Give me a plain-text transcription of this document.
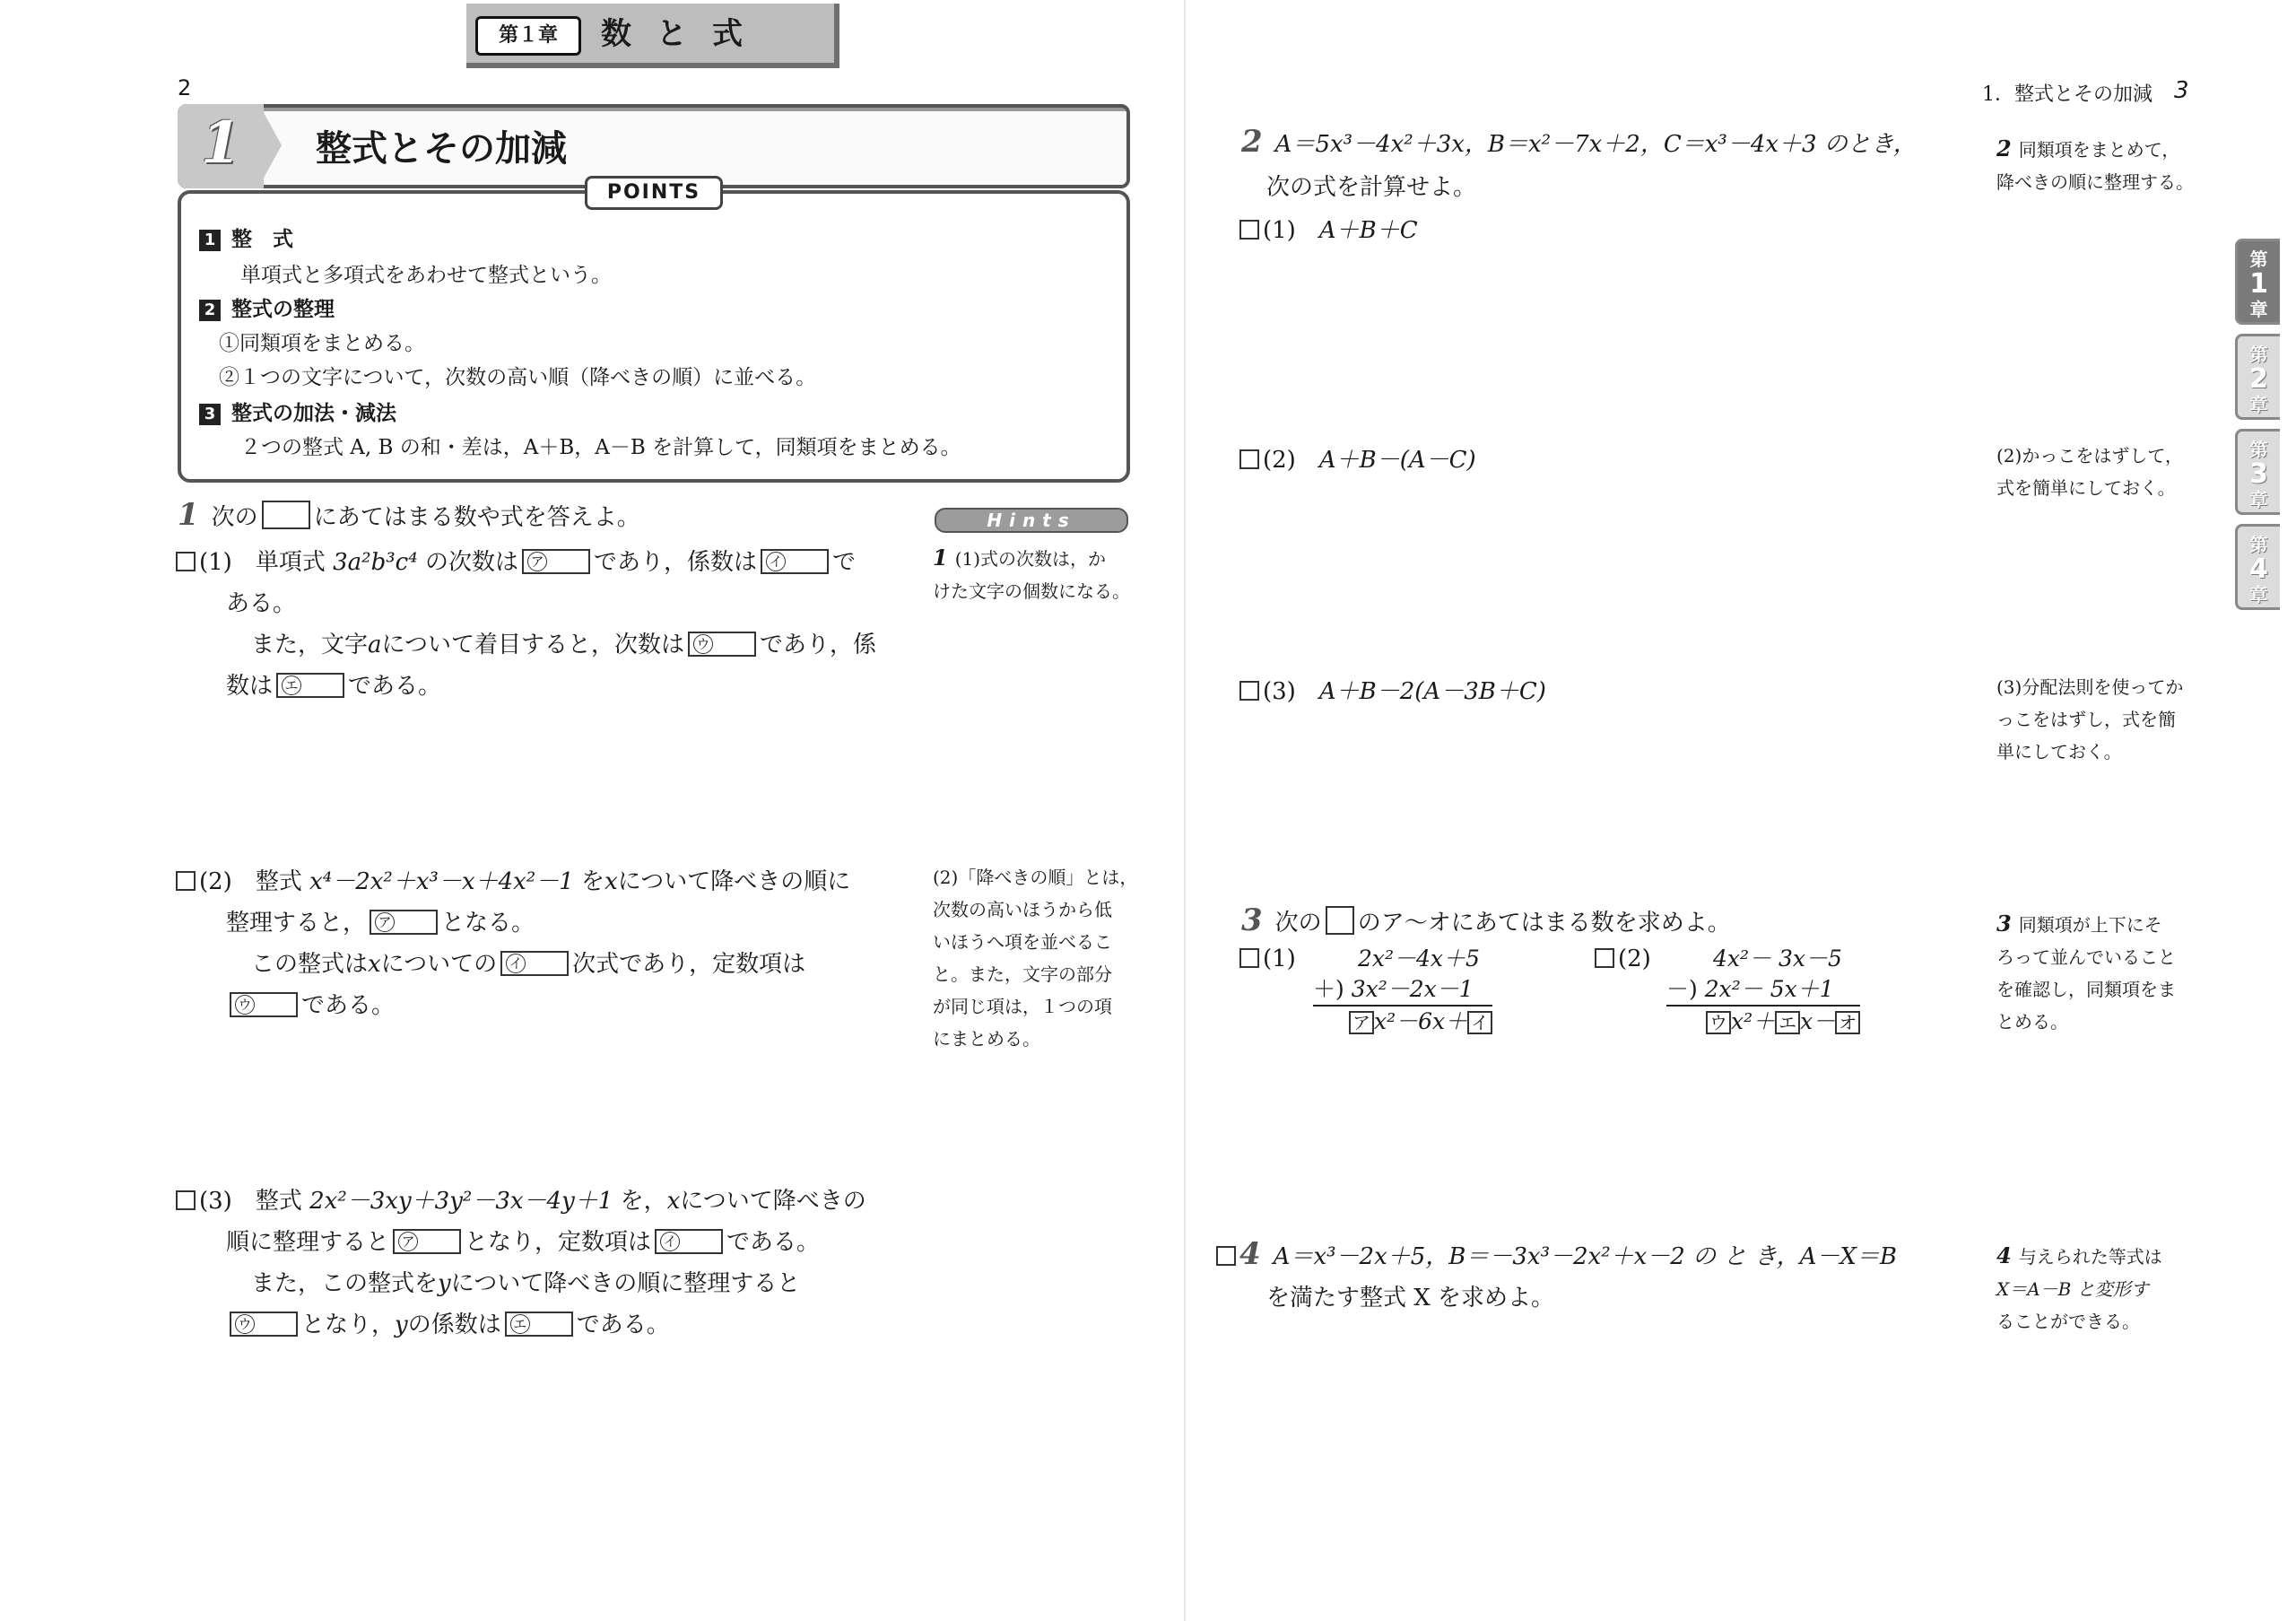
第１章	数と式
2
1 整式とその加減
POINTS
1 整　式
単項式と多項式をあわせて整式という。
2 整式の整理
①同類項をまとめる。
②１つの文字について，次数の高い順（降べきの順）に並べる。
3 整式の加法・減法
２つの整式 A, B の和・差は，A＋B，A－B を計算して，同類項をまとめる。
Hints
1 (1)式の次数は，か
けた文字の個数になる。
(2)「降べきの順」とは，
次数の高いほうから低
いほうへ項を並べるこ
と。また，文字の部分
が同じ項は，１つの項
にまとめる。
1 次の にあてはまる数や式を答えよ。
(1)　 単項式 3a²b³c⁴ の次数は ア であり，係数は イ で
ある。
また，文字aについて着目すると，次数は ウ であり，係
数は エ である。
(2)　 整式 x⁴－2x²＋x³－x＋4x²－1 をxについて降べきの順に
整理すると， ア となる。
この整式はxについての イ 次式であり，定数項は
ウ である。
(3)　 整式 2x²－3xy＋3y²－3x－4y＋1 を，xについて降べきの
順に整理すると ア となり，定数項は イ である。
また，この整式をyについて降べきの順に整理すると
ウ となり，yの係数は エ である。
1．整式とその加減 3
第
1
章
第
2
章
第
3
章
第
4
章
2 A＝5x³－4x²＋3x，B＝x²－7x＋2，C＝x³－4x＋3 のとき，
次の式を計算せよ。
(1)　 A＋B＋C
(2)　 A＋B－(A－C)
(3)　 A＋B－2(A－3B＋C)
3 次の のア～オにあてはまる数を求めよ。
(1)	2x²－4x＋5
＋) 3x²－2x－1
ア x²－6x＋ イ
(2)	4x²－ 3x－5
－) 2x²－ 5x＋1
ウ x²＋ エ x－ オ
4 A＝x³－2x＋5，B＝－3x³－2x²＋x－2 の と き，A－X＝B
を満たす整式 X を求めよ。
2 同類項をまとめて，
降べきの順に整理する。
(2)かっこをはずして，
式を簡単にしておく。
(3)分配法則を使ってか
っこをはずし，式を簡
単にしておく。
3 同類項が上下にそ
ろって並んでいること
を確認し，同類項をま
とめる。
4 与えられた等式は
X＝A－B と変形す
ることができる。
